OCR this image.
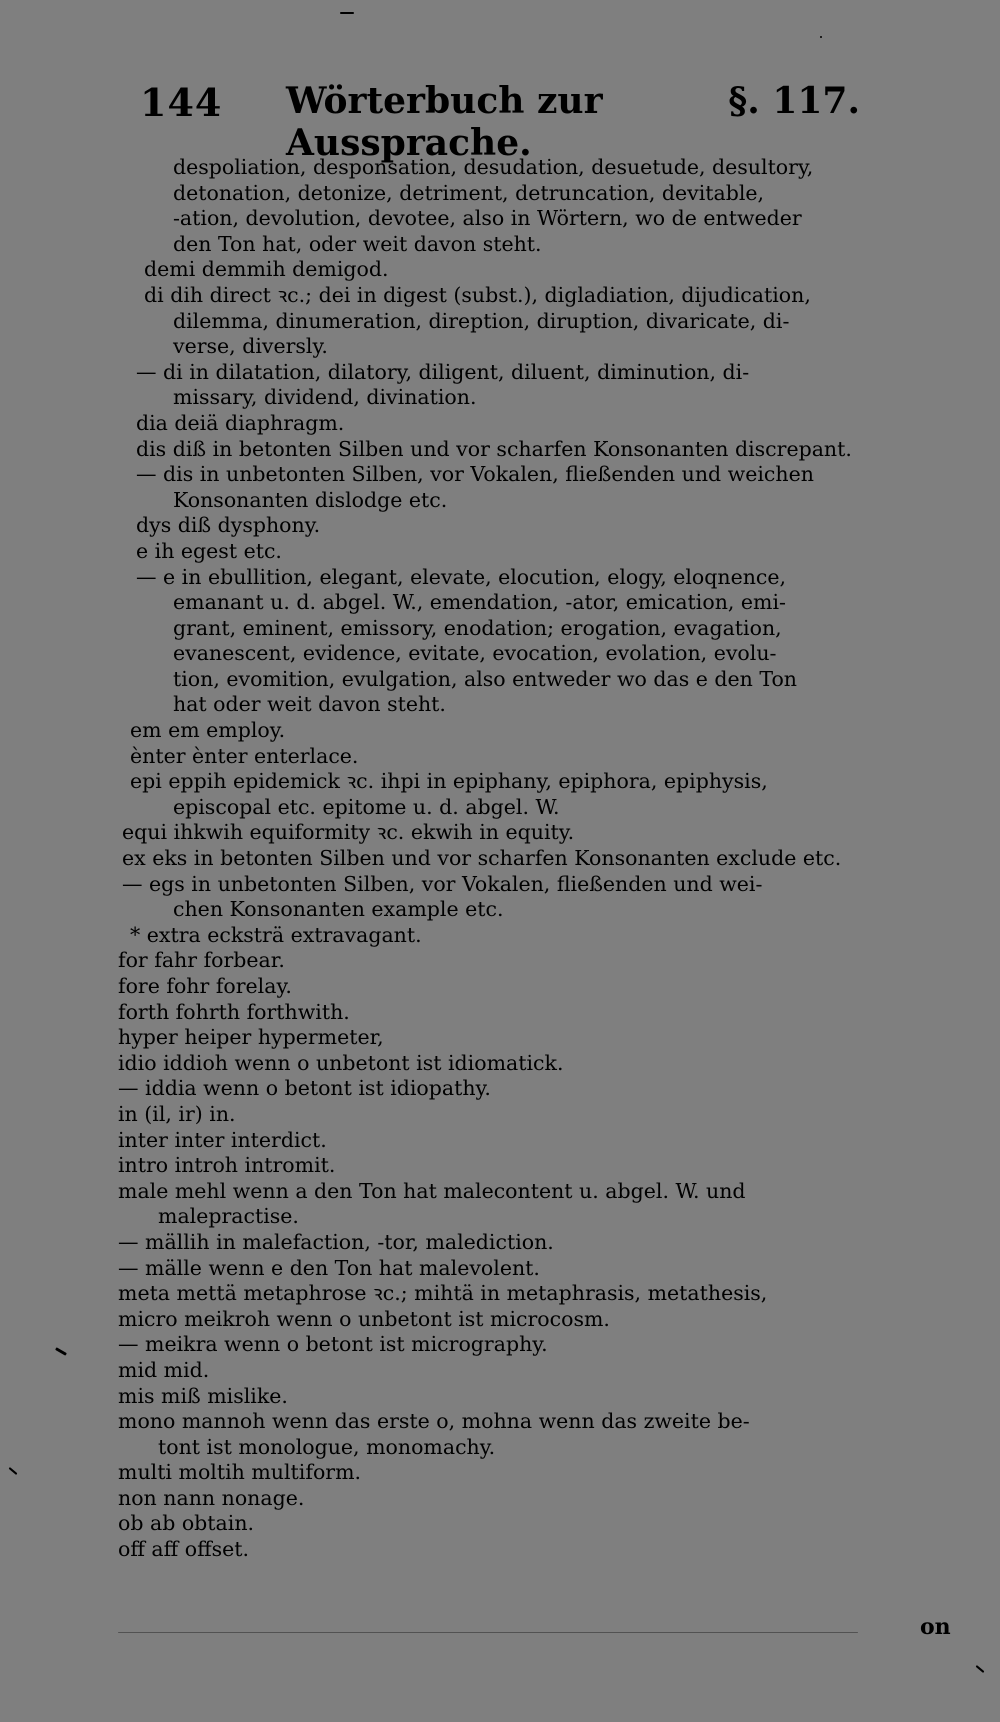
144 Wörterbuch zur Aussprache.
§. 117.
despoliation, desponsation, desudation, desuetude, desultory,
detonation, detonize, detriment, detruncation, devitable,
-ation, devolution, devotee, also in Wörtern, wo de entweder
den Ton hat, oder weit davon steht.
demi demmih demigod.
di dih direct ꝛc.; dei in digest (subst.), digladiation, dijudication,
dilemma, dinumeration, direption, diruption, divaricate, di-
verse, diversly.
— di in dilatation, dilatory, diligent, diluent, diminution, di-
missary, dividend, divination.
dia deiä diaphragm.
dis diß in betonten Silben und vor scharfen Konsonanten discrepant.
— dis in unbetonten Silben, vor Vokalen, fließenden und weichen
Konsonanten dislodge etc.
dys diß dysphony.
e ih egest etc.
— e in ebullition, elegant, elevate, elocution, elogy, eloqnence,
emanant u. d. abgel. W., emendation, -ator, emication, emi-
grant, eminent, emissory, enodation; erogation, evagation,
evanescent, evidence, evitate, evocation, evolation, evolu-
tion, evomition, evulgation, also entweder wo das e den Ton
hat oder weit davon steht.
em em employ.
ènter ènter enterlace.
epi eppih epidemick ꝛc. ihpi in epiphany, epiphora, epiphysis,
episcopal etc. epitome u. d. abgel. W.
equi ihkwih equiformity ꝛc. ekwih in equity.
ex eks in betonten Silben und vor scharfen Konsonanten exclude etc.
— egs in unbetonten Silben, vor Vokalen, fließenden und wei-
chen Konsonanten example etc.
* extra ecksträ extravagant.
for fahr forbear.
fore fohr forelay.
forth fohrth forthwith.
hyper heiper hypermeter,
idio iddioh wenn o unbetont ist idiomatick.
— iddia wenn o betont ist idiopathy.
in (il, ir) in.
inter inter interdict.
intro introh intromit.
male mehl wenn a den Ton hat malecontent u. abgel. W. und
malepractise.
— mällih in malefaction, -tor, malediction.
— mälle wenn e den Ton hat malevolent.
meta mettä metaphrose ꝛc.; mihtä in metaphrasis, metathesis,
micro meikroh wenn o unbetont ist microcosm.
— meikra wenn o betont ist micrography.
mid mid.
mis miß mislike.
mono mannoh wenn das erste o, mohna wenn das zweite be-
tont ist monologue, monomachy.
multi moltih multiform.
non nann nonage.
ob ab obtain.
off aff offset.
on
